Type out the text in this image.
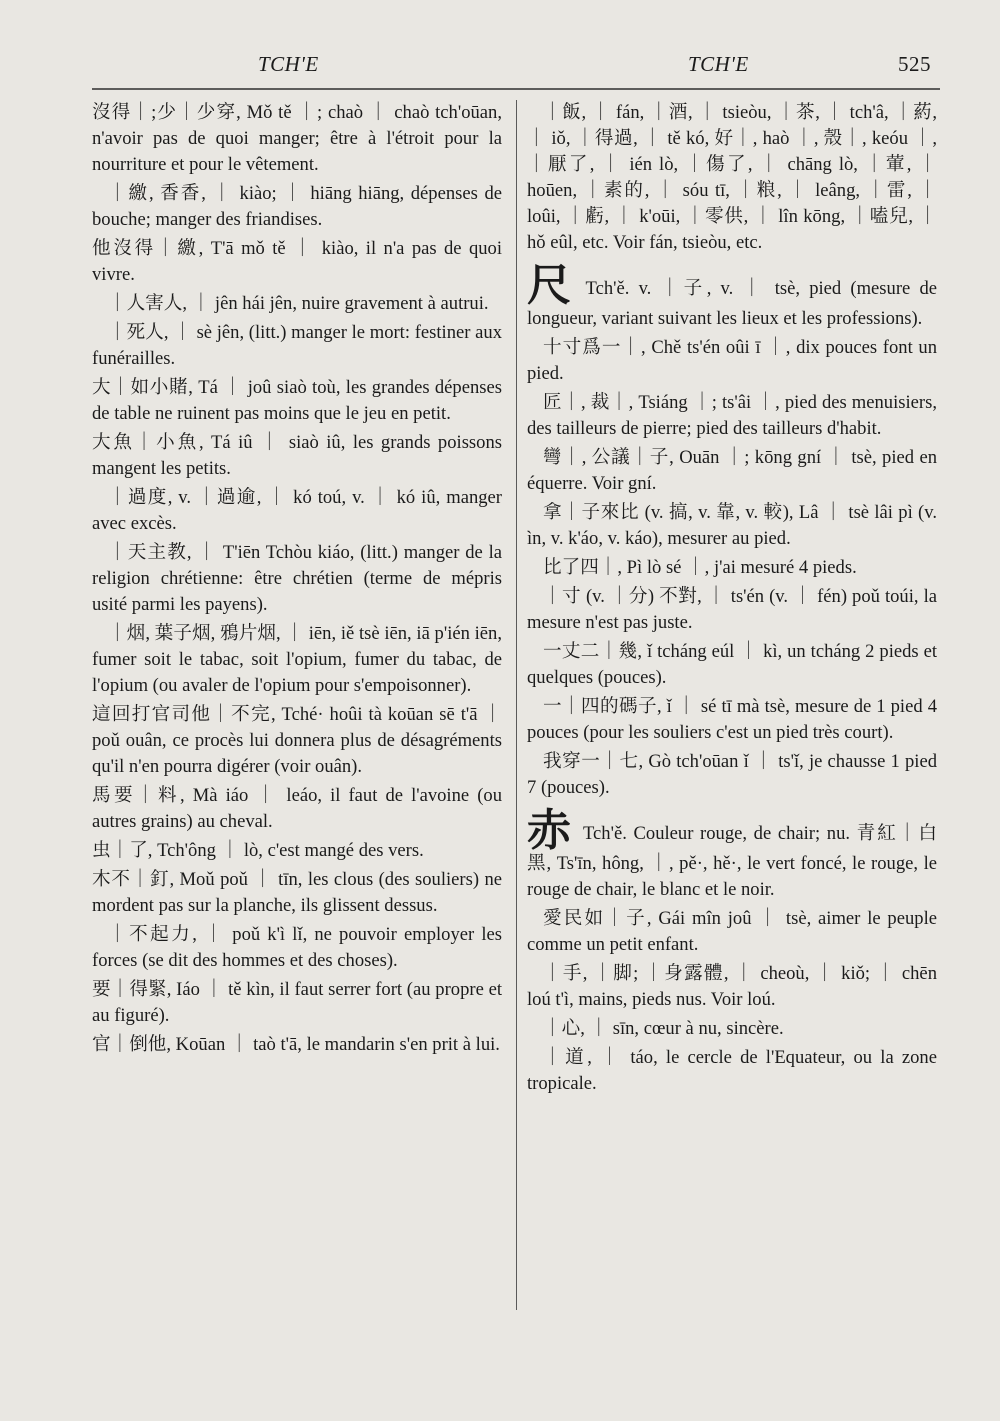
TCH'E	TCH'E	525

沒得｜;少｜少穿, Mǒ tě ｜; chaò ｜ chaò tch'oūan, n'avoir pas de quoi manger; être à l'étroit pour la nourriture et pour le vêtement.

｜繳, 香香, ｜ kiào; ｜ hiāng hiāng, dépenses de bouche; manger des friandises.

他沒得｜繳, T'ā mǒ tě ｜ kiào, il n'a pas de quoi vivre.

｜人害人, ｜ jên hái jên, nuire gravement à autrui.

｜死人, ｜ sè jên, (litt.) manger le mort: festiner aux funérailles.

大｜如小賭, Tá ｜ joû siaò toù, les grandes dépenses de table ne ruinent pas moins que le jeu en petit.

大魚｜小魚, Tá iû ｜ siaò iû, les grands poissons mangent les petits.

｜過度, v. ｜過逾, ｜ kó toú, v. ｜ kó iû, manger avec excès.

｜天主教, ｜ T'iēn Tchòu kiáo, (litt.) manger de la religion chrétienne: être chrétien (terme de mépris usité parmi les payens).

｜烟, 葉子烟, 鴉片烟, ｜ iēn, iě tsè iēn, iā p'ién iēn, fumer soit le tabac, soit l'opium, fumer du tabac, de l'opium (ou avaler de l'opium pour s'empoisonner).

這回打官司他｜不完, Tché· hoûi tà koūan sē t'ā ｜ poǔ ouân, ce procès lui donnera plus de désagréments qu'il n'en pourra digérer (voir ouân).

馬要｜料, Mà iáo ｜ leáo, il faut de l'avoine (ou autres grains) au cheval.

虫｜了, Tch'ông ｜ lò, c'est mangé des vers.

木不｜釘, Moǔ poǔ ｜ tīn, les clous (des souliers) ne mordent pas sur la planche, ils glissent dessus.

｜不起力, ｜ poǔ k'ì lǐ, ne pouvoir employer les forces (se dit des hommes et des choses).

要｜得緊, Iáo ｜ tě kìn, il faut serrer fort (au propre et au figuré).

官｜倒他, Koūan ｜ taò t'ā, le mandarin s'en prit à lui.

｜飯, ｜ fán, ｜酒, ｜ tsieòu, ｜茶, ｜ tch'â, ｜葯, ｜ iǒ, ｜得過, ｜ tě kó, 好｜, haò ｜, 殼｜, keóu ｜, ｜厭了, ｜ ién lò, ｜傷了, ｜ chāng lò, ｜葷, ｜ hoūen, ｜素的, ｜ sóu tī, ｜粮, ｜ leâng, ｜雷, ｜ loûi, ｜虧, ｜ k'oūi, ｜零供, ｜ lîn kōng, ｜嗑兒, ｜ hǒ eûl, etc. Voir fán, tsieòu, etc.

尺 Tch'ě. v. ｜子, v. ｜ tsè, pied (mesure de longueur, variant suivant les lieux et les professions).

十寸爲一｜, Chě ts'én oûi ī ｜, dix pouces font un pied.

匠｜, 裁｜, Tsiáng ｜; ts'âi ｜, pied des menuisiers, des tailleurs de pierre; pied des tailleurs d'habit.

彎｜, 公議｜子, Ouān ｜; kōng gní ｜ tsè, pied en équerre. Voir gní.

拿｜子來比 (v. 搞, v. 靠, v. 較), Lâ ｜ tsè lâi pì (v. ìn, v. k'áo, v. káo), mesurer au pied.

比了四｜, Pì lò sé ｜, j'ai mesuré 4 pieds.

｜寸 (v. ｜分) 不對, ｜ ts'én (v. ｜ fén) poǔ toúi, la mesure n'est pas juste.

一丈二｜幾, ǐ tcháng eúl ｜ kì, un tcháng 2 pieds et quelques (pouces).

一｜四的碼子, ǐ ｜ sé tī mà tsè, mesure de 1 pied 4 pouces (pour les souliers c'est un pied très court).

我穿一｜七, Gò tch'oūan ǐ ｜ ts'ǐ, je chausse 1 pied 7 (pouces).

赤 Tch'ě. Couleur rouge, de chair; nu. 青紅｜白黑, Ts'īn, hông, ｜, pě·, hě·, le vert foncé, le rouge, le rouge de chair, le blanc et le noir.

愛民如｜子, Gái mîn joû ｜ tsè, aimer le peuple comme un petit enfant.

｜手, ｜脚; ｜身露體, ｜ cheoù, ｜ kiǒ; ｜ chēn loú t'ì, mains, pieds nus. Voir loú.

｜心, ｜ sīn, cœur à nu, sincère.

｜道, ｜ táo, le cercle de l'Equateur, ou la zone tropicale.
